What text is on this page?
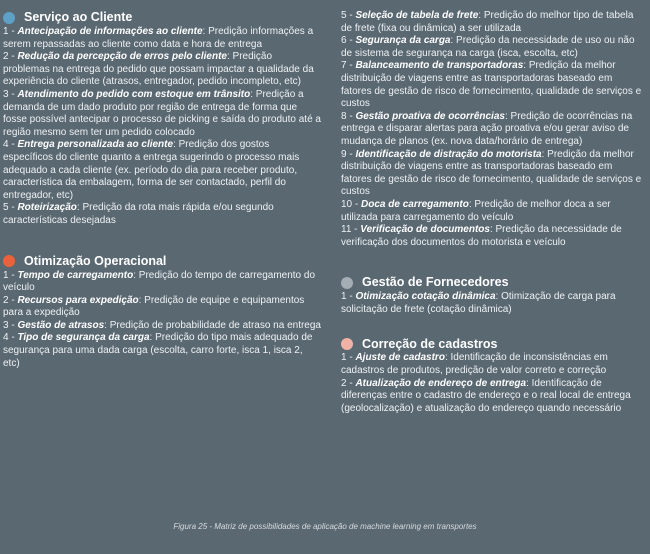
Serviço ao Cliente

1 - Antecipação de informações ao cliente: Predição informações a serem repassadas ao cliente como data e hora de entrega

2 - Redução da percepção de erros pelo cliente: Predição problemas na entrega do pedido que possam impactar a qualidade da experiência do cliente (atrasos, entregador, pedido incompleto, etc)

3 - Atendimento do pedido com estoque em trânsito: Predição a demanda de um dado produto por região de entrega de forma que fosse possível antecipar o processo de picking e saída do produto até a região mesmo sem ter um pedido colocado

4 - Entrega personalizada ao cliente: Predição dos gostos específicos do cliente quanto a entrega sugerindo o processo mais adequado a cada cliente (ex. período do dia para receber produto, característica da embalagem, forma de ser contactado, perfil do entregador, etc)

5 - Roteirização: Predição da rota mais rápida e/ou segundo características desejadas

Otimização Operacional

1 - Tempo de carregamento: Predição do tempo de carregamento do veículo

2 - Recursos para expedição: Predição de equipe e equipamentos para a expedição

3 - Gestão de atrasos: Predição de probabilidade de atraso na entrega

4 - Tipo de segurança da carga: Predição do tipo mais adequado de segurança para uma dada carga (escolta, carro forte, isca 1, isca 2, etc)

5 - Seleção de tabela de frete: Predição do melhor tipo de tabela de frete (fixa ou dinâmica) a ser utilizada

6 - Segurança da carga: Predição da necessidade de uso ou não de sistema de segurança na carga (isca, escolta, etc)

7 - Balanceamento de transportadoras: Predição da melhor distribuição de viagens entre as transportadoras baseado em fatores de gestão de risco de fornecimento, qualidade de serviços e custos

8 - Gestão proativa de ocorrências: Predição de ocorrências na entrega e disparar alertas para ação proativa e/ou gerar aviso de mudança de planos (ex. nova data/horário de entrega)

9 - Identificação de distração do motorista: Predição da melhor distribuição de viagens entre as transportadoras baseado em fatores de gestão de risco de fornecimento, qualidade de serviços e custos

10 - Doca de carregamento: Predição de melhor doca a ser utilizada para carregamento do veículo

11 - Verificação de documentos: Predição da necessidade de verificação dos documentos do motorista e veículo

Gestão de Fornecedores

1 - Otimização cotação dinâmica: Otimização de carga para solicitação de frete (cotação dinâmica)

Correção de cadastros

1 - Ajuste de cadastro: Identificação de inconsistências em cadastros de produtos, predição de valor correto e correção

2 - Atualização de endereço de entrega: Identificação de diferenças entre o cadastro de endereço e o real local de entrega (geolocalização) e atualização do endereço quando necessário

Figura 25 - Matriz de possibilidades de aplicação de machine learning em transportes
